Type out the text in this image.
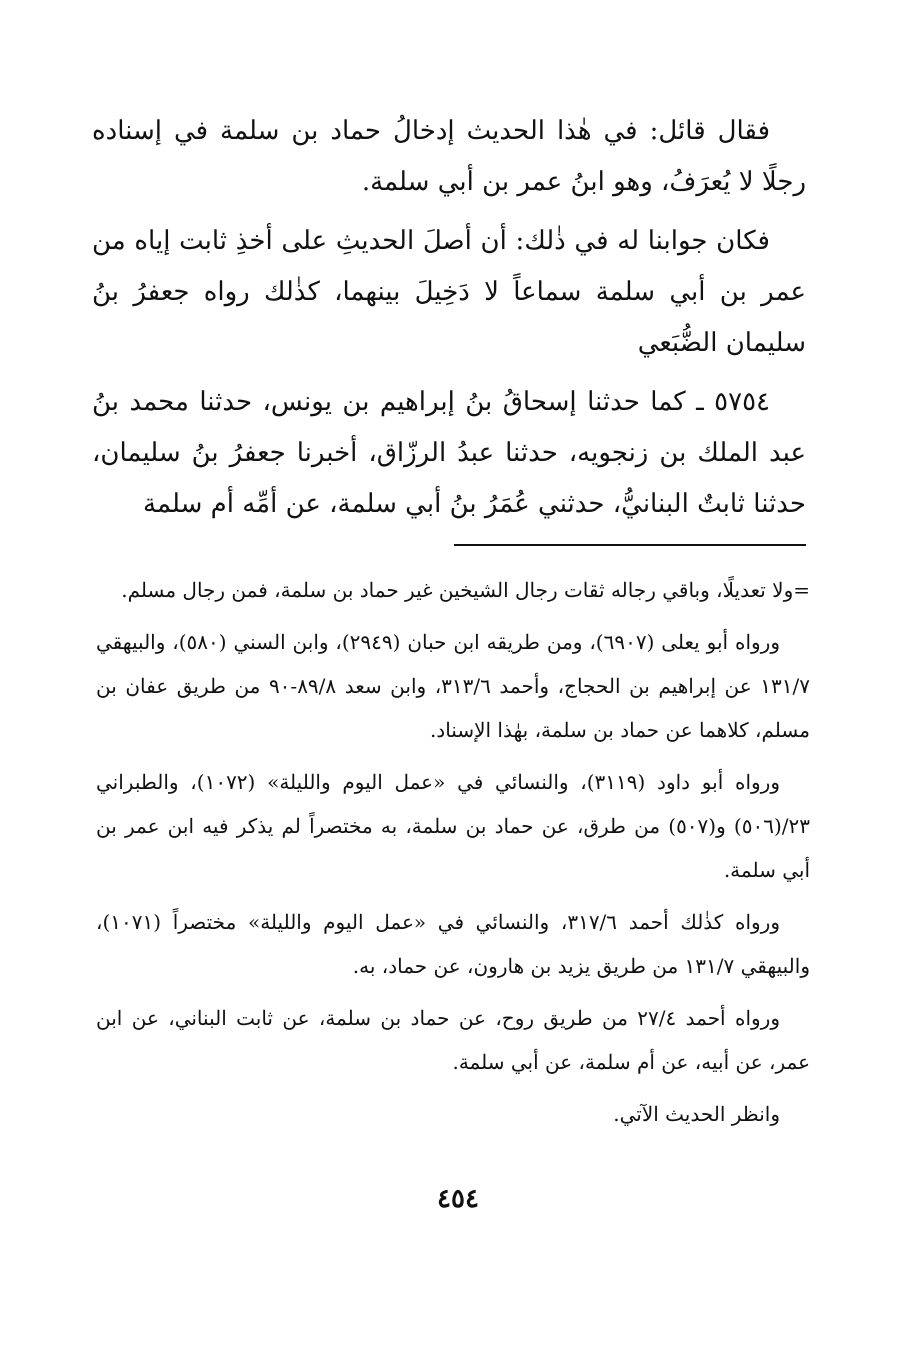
فقال قائل: في هٰذا الحديث إدخالُ حماد بن سلمة في إسناده رجلًا لا يُعرَفُ، وهو ابنُ عمر بن أبي سلمة.

فكان جوابنا له في ذٰلك: أن أصلَ الحديثِ على أخذِ ثابت إياه من عمر بن أبي سلمة سماعاً لا دَخِيلَ بينهما، كذٰلك رواه جعفرُ بنُ سليمان الضُّبَعي

٥٧٥٤ ـ كما حدثنا إسحاقُ بنُ إبراهيم بن يونس، حدثنا محمد بنُ عبد الملك بن زنجويه، حدثنا عبدُ الرزّاق، أخبرنا جعفرُ بنُ سليمان، حدثنا ثابتٌ البنانيُّ، حدثني عُمَرُ بنُ أبي سلمة، عن أمِّه أم سلمة

=ولا تعديلًا، وباقي رجاله ثقات رجال الشيخين غير حماد بن سلمة، فمن رجال مسلم.

ورواه أبو يعلى (٦٩٠٧)، ومن طريقه ابن حبان (٢٩٤٩)، وابن السني (٥٨٠)، والبيهقي ١٣١/٧ عن إبراهيم بن الحجاج، وأحمد ٣١٣/٦، وابن سعد ٨٩/٨-٩٠ من طريق عفان بن مسلم، كلاهما عن حماد بن سلمة، بهٰذا الإسناد.

ورواه أبو داود (٣١١٩)، والنسائي في «عمل اليوم والليلة» (١٠٧٢)، والطبراني ٢٣/(٥٠٦) و(٥٠٧) من طرق، عن حماد بن سلمة، به مختصراً لم يذكر فيه ابن عمر بن أبي سلمة.

ورواه كذٰلك أحمد ٣١٧/٦، والنسائي في «عمل اليوم والليلة» مختصراً (١٠٧١)، والبيهقي ١٣١/٧ من طريق يزيد بن هارون، عن حماد، به.

ورواه أحمد ٢٧/٤ من طريق روح، عن حماد بن سلمة، عن ثابت البناني، عن ابن عمر، عن أبيه، عن أم سلمة، عن أبي سلمة.

وانظر الحديث الآتي.

٤٥٤
